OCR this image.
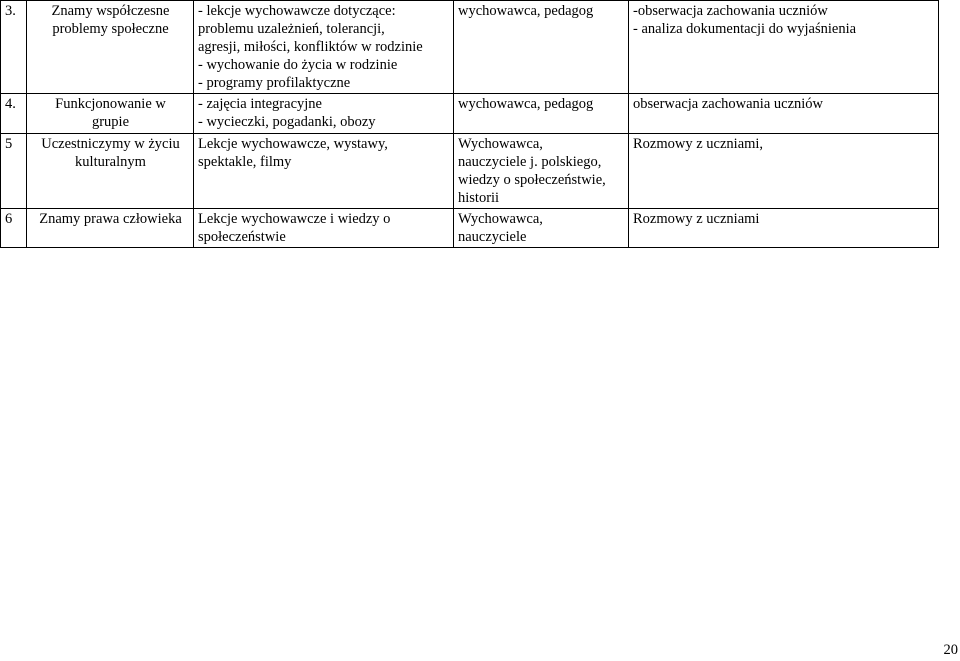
3.	Znamy współczesne
problemy społeczne	- lekcje wychowawcze dotyczące:
problemu uzależnień, tolerancji,
agresji, miłości, konfliktów w rodzinie
- wychowanie do życia w rodzinie
- programy profilaktyczne	wychowawca, pedagog	-obserwacja zachowania uczniów
- analiza dokumentacji do wyjaśnienia

4.	Funkcjonowanie w
grupie	- zajęcia integracyjne
- wycieczki, pogadanki, obozy	wychowawca, pedagog	obserwacja zachowania uczniów

5	Uczestniczymy w życiu
kulturalnym	Lekcje wychowawcze, wystawy,
spektakle, filmy	Wychowawca,
nauczyciele j. polskiego,
wiedzy o społeczeństwie,
historii	Rozmowy z uczniami,

6	Znamy prawa człowieka	Lekcje wychowawcze i wiedzy o
społeczeństwie	Wychowawca,
nauczyciele	Rozmowy z uczniami
20
